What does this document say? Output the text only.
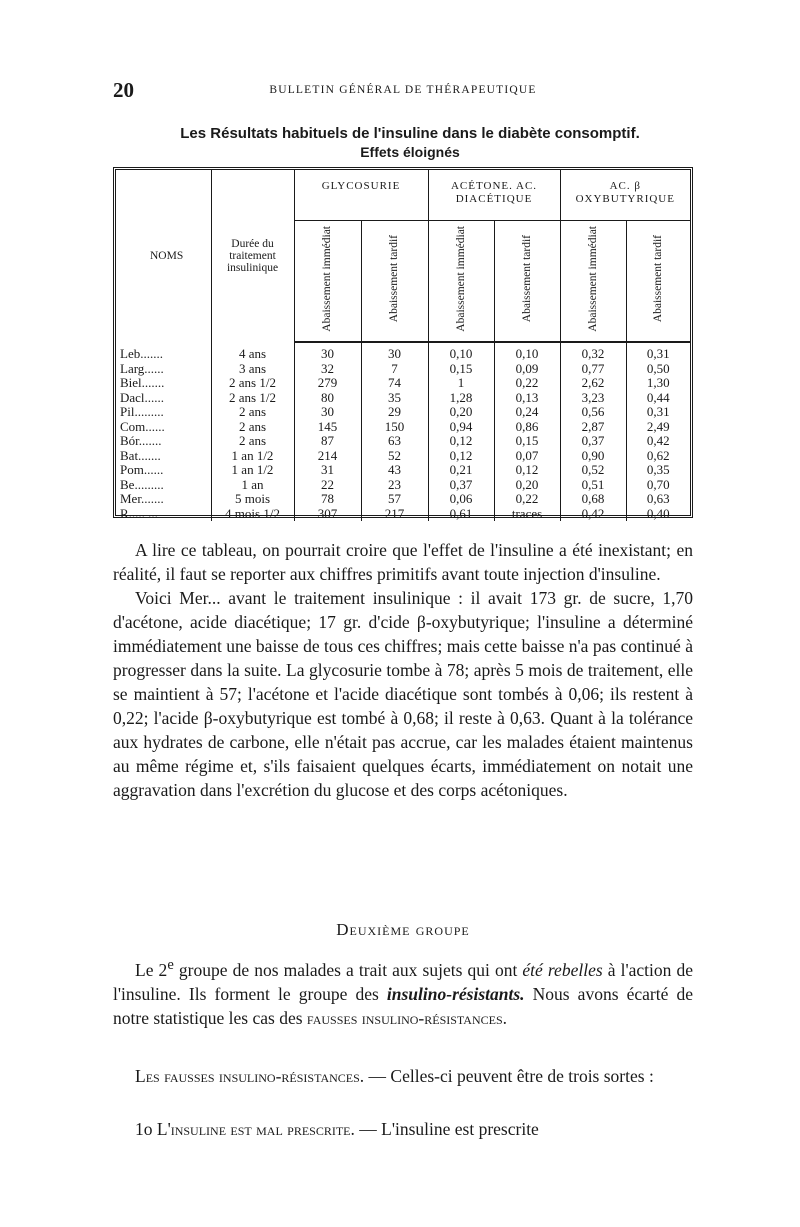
20	BULLETIN GÉNÉRAL DE THÉRAPEUTIQUE
Les Résultats habituels de l'insuline dans le diabète consomptif.
Effets éloignés
NOMS	Durée du traitement insulinique	GLYCOSURIE		ACÉTONE. AC. DIACÉTIQUE		AC. β OXYBUTYRIQUE	
		Abaissement immédiat	Abaissement tardif	Abaissement immédiat	Abaissement tardif	Abaissement immédiat	Abaissement tardif
Leb.......	4 ans	30	30	0,10	0,10	0,32	0,31
Larg......	3 ans	32	7	0,15	0,09	0,77	0,50
Biel.......	2 ans 1/2	279	74	1	0,22	2,62	1,30
Dacl......	2 ans 1/2	80	35	1,28	0,13	3,23	0,44
Pil.........	2 ans	30	29	0,20	0,24	0,56	0,31
Com......	2 ans	145	150	0,94	0,86	2,87	2,49
Bór.......	2 ans	87	63	0,12	0,15	0,37	0,42
Bat.......	1 an 1/2	214	52	0,12	0,07	0,90	0,62
Pom......	1 an 1/2	31	43	0,21	0,12	0,52	0,35
Be.........	1 an	22	23	0,37	0,20	0,51	0,70
Mer.......	5 mois	78	57	0,06	0,22	0,68	0,63
R..... ...	4 mois 1/2	307	217	0,61	traces	0,42	0,40

A lire ce tableau, on pourrait croire que l'effet de l'insuline a été inexistant; en réalité, il faut se reporter aux chiffres primitifs avant toute injection d'insuline.

Voici Mer... avant le traitement insulinique : il avait 173 gr. de sucre, 1,70 d'acétone, acide diacétique; 17 gr. d'cide β-oxybutyrique; l'insuline a déterminé immédiatement une baisse de tous ces chiffres; mais cette baisse n'a pas continué à progresser dans la suite. La glycosurie tombe à 78; après 5 mois de traitement, elle se maintient à 57; l'acétone et l'acide diacétique sont tombés à 0,06; ils restent à 0,22; l'acide β-oxybutyrique est tombé à 0,68; il reste à 0,63. Quant à la tolérance aux hydrates de carbone, elle n'était pas accrue, car les malades étaient maintenus au même régime et, s'ils faisaient quelques écarts, immédiatement on notait une aggravation dans l'excrétion du glucose et des corps acétoniques.

Deuxième groupe

Le 2e groupe de nos malades a trait aux sujets qui ont été rebelles à l'action de l'insuline. Ils forment le groupe des insulino-résistants. Nous avons écarté de notre statistique les cas des fausses insulino-résistances.

Les fausses insulino-résistances. — Celles-ci peuvent être de trois sortes :

1o L'insuline est mal prescrite. — L'insuline est prescrite
